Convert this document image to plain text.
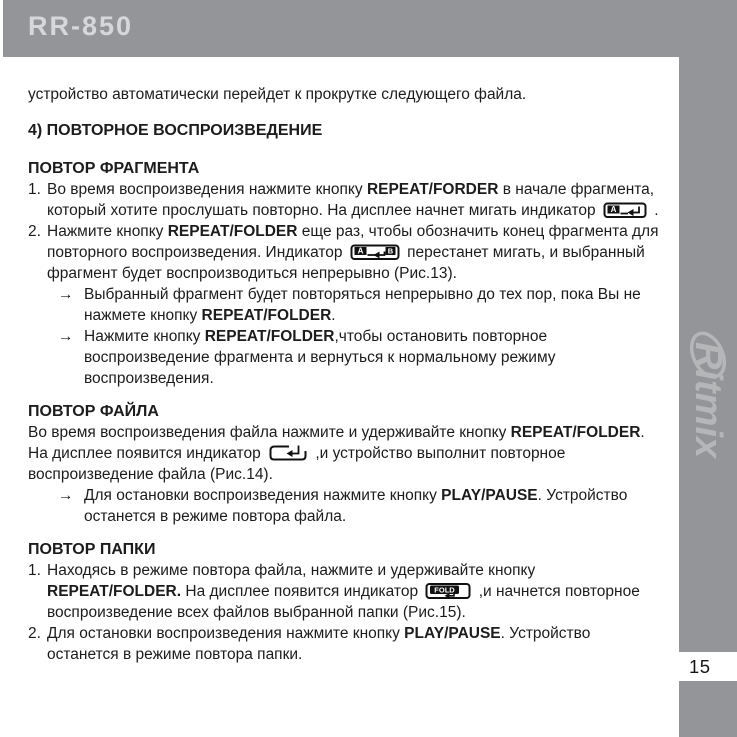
RR-850
устройство автоматически перейдет к прокрутке следующего файла.
4) ПОВТОРНОЕ ВОСПРОИЗВЕДЕНИЕ
ПОВТОР ФРАГМЕНТА
1. Во время воспроизведения нажмите кнопку REPEAT/FORDER в начале фрагмента, который хотите прослушать повторно. На дисплее начнет мигать индикатор A .
2. Нажмите кнопку REPEAT/FOLDER еще раз, чтобы обозначить конец фрагмента для повторного воспроизведения. Индикатор A	B перестанет мигать, и выбранный фрагмент будет воспроизводиться непрерывно (Рис.13).
→ Выбранный фрагмент будет повторяться непрерывно до тех пор, пока Вы не нажмете кнопку REPEAT/FOLDER.
→ Нажмите кнопку REPEAT/FOLDER,чтобы остановить повторное воспроизведение фрагмента и вернуться к нормальному режиму воспроизведения.
ПОВТОР ФАЙЛА
Во время воспроизведения файла нажмите и удерживайте кнопку REPEAT/FOLDER. На дисплее появится индикатор	,и устройство выполнит повторное воспроизведение файла (Рис.14).
→ Для остановки воспроизведения нажмите кнопку PLAY/PAUSE. Устройство останется в режиме повтора файла.
ПОВТОР ПАПКИ
1. Находясь в режиме повтора файла, нажмите и удерживайте кнопку REPEAT/FOLDER. На дисплее появится индикатор FOLD ,и начнется повторное воспроизведение всех файлов выбранной папки (Рис.15).
2. Для остановки воспроизведения нажмите кнопку PLAY/PAUSE. Устройство останется в режиме повтора папки.
Ritmix
15
